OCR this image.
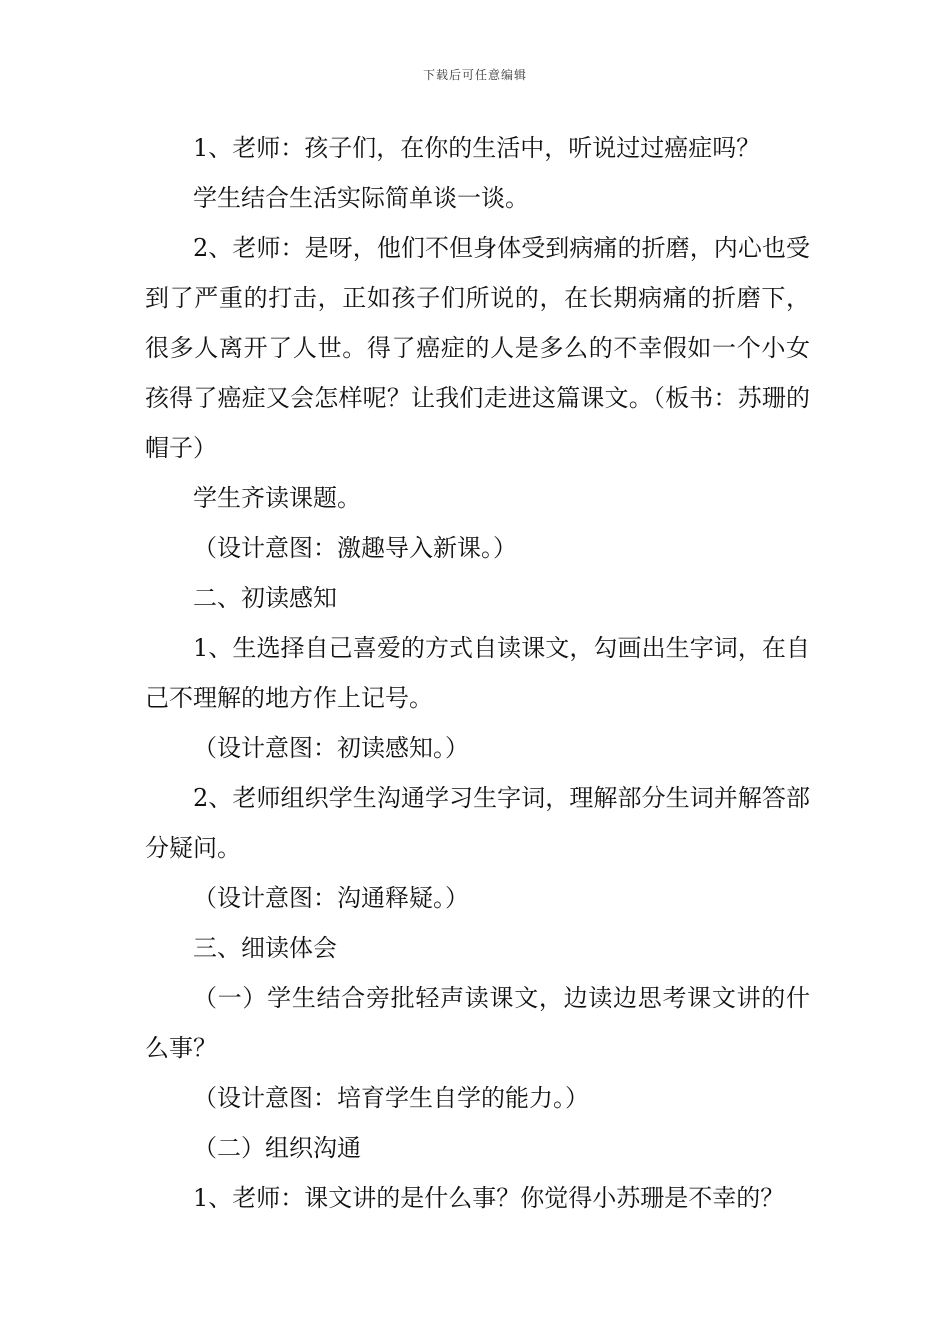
下载后可任意编辑

1、老师：孩子们，在你的生活中，听说过过癌症吗？

学生结合生活实际简单谈一谈。

2、老师：是呀，他们不但身体受到病痛的折磨，内心也受到了严重的打击，正如孩子们所说的，在长期病痛的折磨下，很多人离开了人世。得了癌症的人是多么的不幸假如一个小女孩得了癌症又会怎样呢？让我们走进这篇课文。（板书：苏珊的帽子）

学生齐读课题。

（设计意图：激趣导入新课。）

二、初读感知

1、生选择自己喜爱的方式自读课文，勾画出生字词，在自己不理解的地方作上记号。

（设计意图：初读感知。）

2、老师组织学生沟通学习生字词，理解部分生词并解答部分疑问。

（设计意图：沟通释疑。）

三、细读体会

（一）学生结合旁批轻声读课文，边读边思考课文讲的什么事？

（设计意图：培育学生自学的能力。）

（二）组织沟通

1、老师：课文讲的是什么事？你觉得小苏珊是不幸的？
